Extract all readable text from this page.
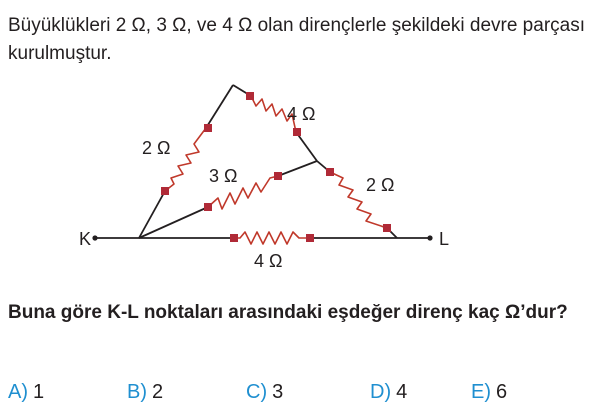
Büyüklükleri 2 Ω, 3 Ω, ve 4 Ω olan dirençlerle şekildeki devre parçası kurulmuştur.

K	L
2 Ω
4 Ω
3 Ω	2 Ω
4 Ω

Buna göre K-L noktaları arasındaki eşdeğer direnç kaç Ω’dur?

A) 1	B) 2	C) 3	D) 4	E) 6
